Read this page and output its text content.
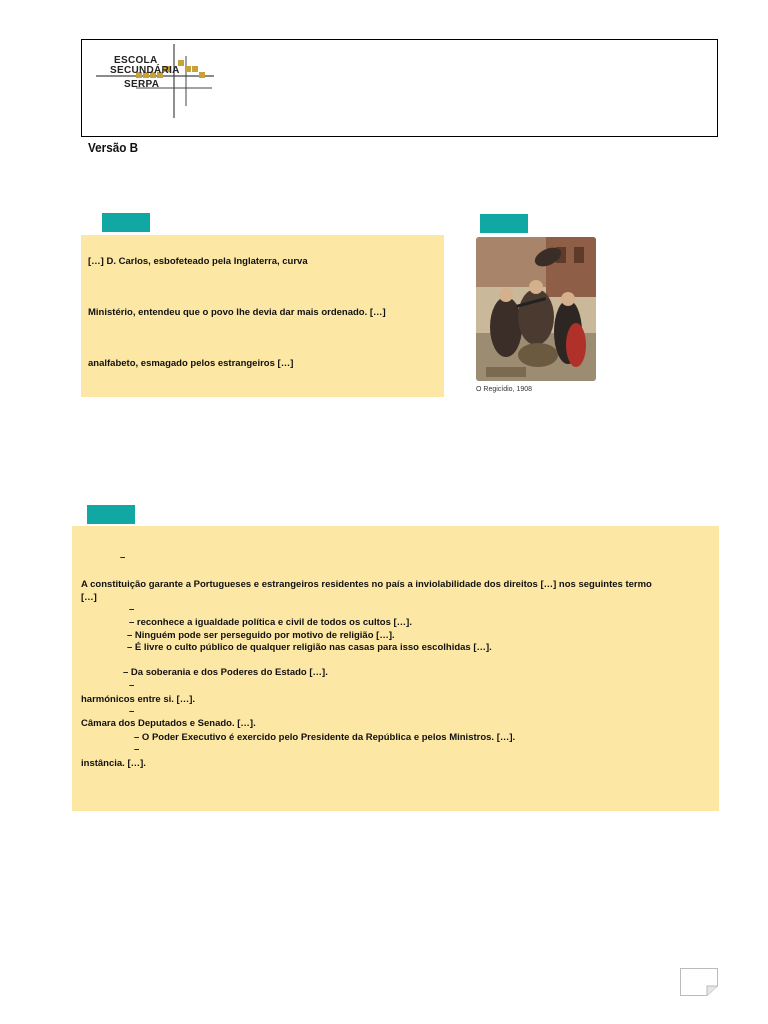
ESCOLA
SECUNDÁRIA
SERPA
Versão B
[…] D. Carlos, esbofeteado pela Inglaterra, curva
Ministério, entendeu que o povo lhe devia dar mais ordenado. […]
analfabeto, esmagado pelos estrangeiros […]
O Regicídio, 1908
–
A constituição garante a Portugueses e estrangeiros residentes no país a inviolabilidade dos direitos […] nos seguintes termo
[…]
–
– reconhece a igualdade política e civil de todos os cultos […].
– Ninguém pode ser perseguido por motivo de religião […].
– É livre o culto público de qualquer religião nas casas para isso escolhidas […].
– Da soberania e dos Poderes do Estado […].
–
harmónicos entre si. […].
–
Câmara dos Deputados e Senado. […].
– O Poder Executivo é exercido pelo Presidente da República e pelos Ministros. […].
–
instância. […].
